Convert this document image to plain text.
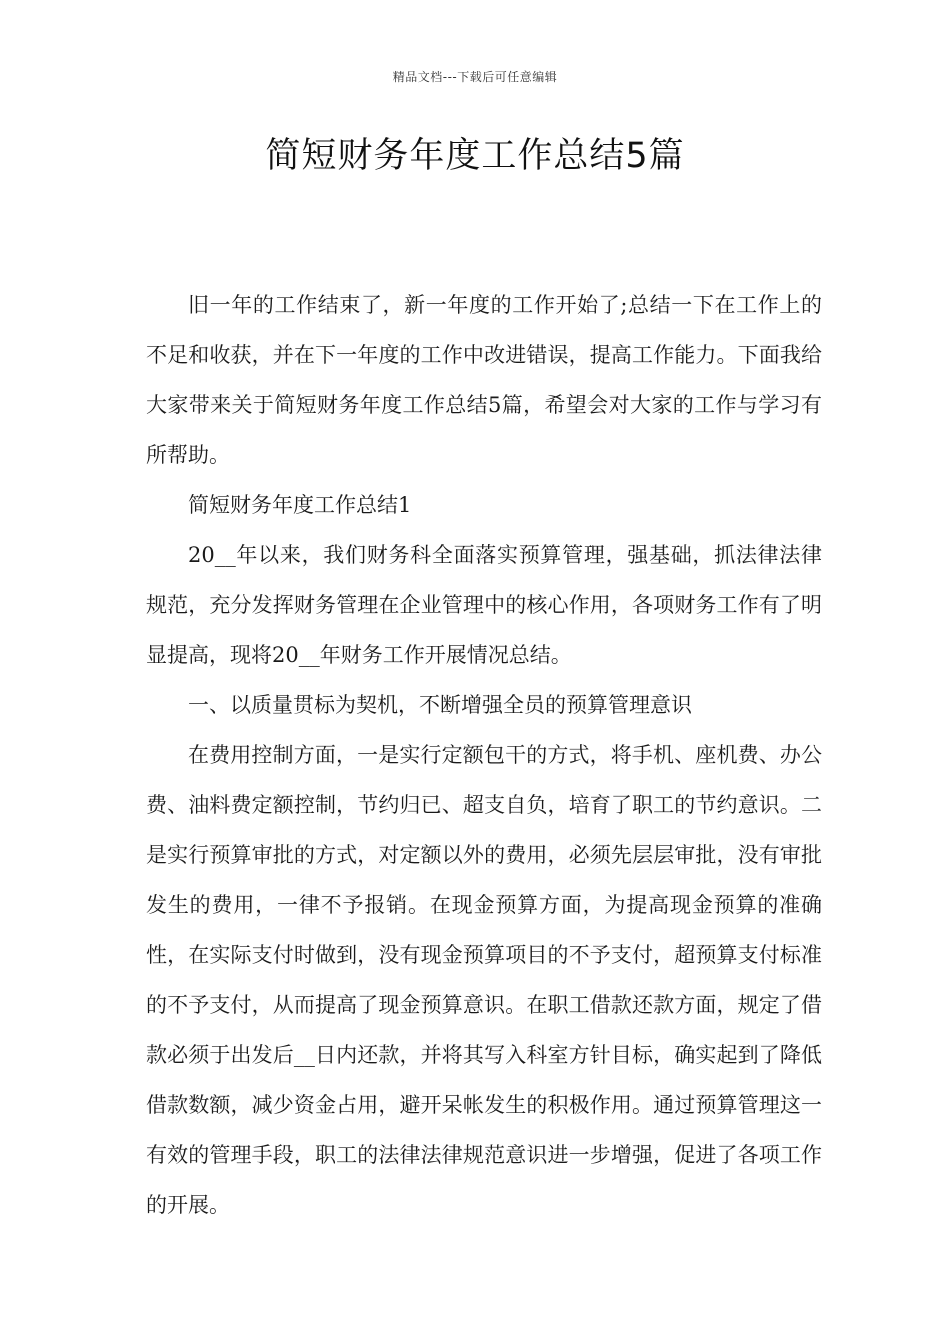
精品文档---下载后可任意编辑
简短财务年度工作总结5篇

旧一年的工作结束了，新一年度的工作开始了;总结一下在工作上的不足和收获，并在下一年度的工作中改进错误，提高工作能力。下面我给大家带来关于简短财务年度工作总结5篇，希望会对大家的工作与学习有所帮助。

简短财务年度工作总结1

20__年以来，我们财务科全面落实预算管理，强基础，抓法律法律规范，充分发挥财务管理在企业管理中的核心作用，各项财务工作有了明显提高，现将20__年财务工作开展情况总结。

一、以质量贯标为契机，不断增强全员的预算管理意识

在费用控制方面，一是实行定额包干的方式，将手机、座机费、办公费、油料费定额控制，节约归已、超支自负，培育了职工的节约意识。二是实行预算审批的方式，对定额以外的费用，必须先层层审批，没有审批发生的费用，一律不予报销。在现金预算方面，为提高现金预算的准确性，在实际支付时做到，没有现金预算项目的不予支付，超预算支付标准的不予支付，从而提高了现金预算意识。在职工借款还款方面，规定了借款必须于出发后__日内还款，并将其写入科室方针目标，确实起到了降低借款数额，减少资金占用，避开呆帐发生的积极作用。通过预算管理这一有效的管理手段，职工的法律法律规范意识进一步增强，促进了各项工作的开展。
